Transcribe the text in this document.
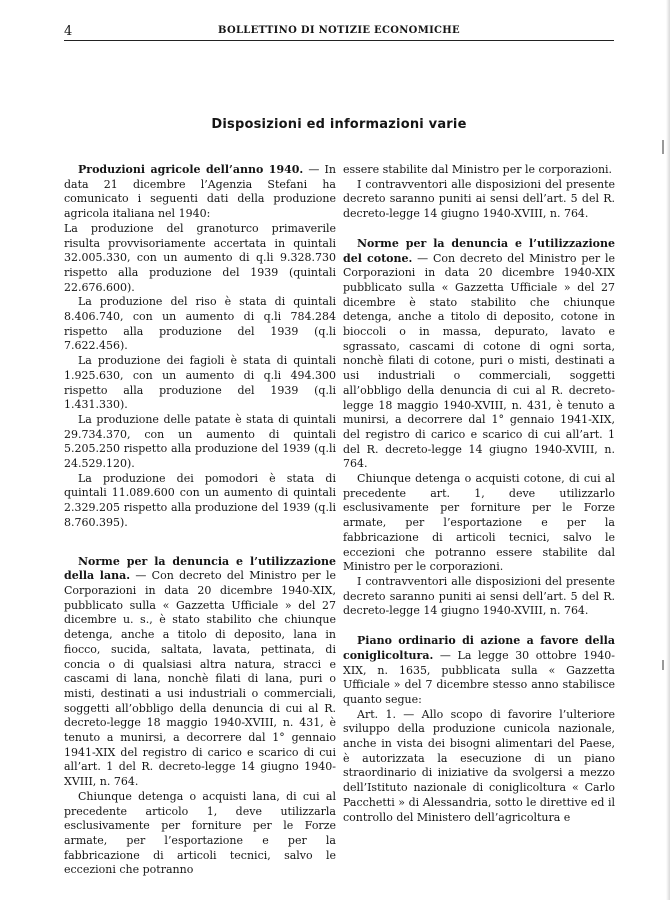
4	BOLLETTINO DI NOTIZIE ECONOMICHE
Disposizioni ed informazioni varie

Produzioni agricole dell’anno 1940. — In data 21 dicembre l’Agenzia Stefani ha comunicato i seguenti dati della produzione agricola italiana nel 1940:

La produzione del granoturco primaverile risulta provvisoriamente accertata in quintali 32.005.330, con un aumento di q.li 9.328.730 rispetto alla produzione del 1939 (quintali 22.676.600).

La produzione del riso è stata di quintali 8.406.740, con un aumento di q.li 784.284 rispetto alla produzione del 1939 (q.li 7.622.456).

La produzione dei fagioli è stata di quintali 1.925.630, con un aumento di q.li 494.300 rispetto alla produzione del 1939 (q.li 1.431.330).

La produzione delle patate è stata di quintali 29.734.370, con un aumento di quintali 5.205.250 rispetto alla produzione del 1939 (q.li 24.529.120).

La produzione dei pomodori è stata di quintali 11.089.600 con un aumento di quintali 2.329.205 rispetto alla produzione del 1939 (q.li 8.760.395).

Norme per la denuncia e l’utilizzazione della lana. — Con decreto del Ministro per le Corporazioni in data 20 dicembre 1940-XIX, pubblicato sulla « Gazzetta Ufficiale » del 27 dicembre u. s., è stato stabilito che chiunque detenga, anche a titolo di deposito, lana in fiocco, sucida, saltata, lavata, pettinata, di concia o di qualsiasi altra natura, stracci e cascami di lana, nonchè filati di lana, puri o misti, destinati a usi industriali o commerciali, soggetti all’obbligo della denuncia di cui al R. decreto-legge 18 maggio 1940-XVIII, n. 431, è tenuto a munirsi, a decorrere dal 1° gennaio 1941-XIX del registro di carico e scarico di cui all’art. 1 del R. decreto-legge 14 giugno 1940-XVIII, n. 764.

Chiunque detenga o acquisti lana, di cui al precedente articolo 1, deve utilizzarla esclusivamente per forniture per le Forze armate, per l’esportazione e per la fabbricazione di articoli tecnici, salvo le eccezioni che potranno

essere stabilite dal Ministro per le corporazioni.

I contravventori alle disposizioni del presente decreto saranno puniti ai sensi dell’art. 5 del R. decreto-legge 14 giugno 1940-XVIII, n. 764.

Norme per la denuncia e l’utilizzazione del cotone. — Con decreto del Ministro per le Corporazioni in data 20 dicembre 1940-XIX pubblicato sulla « Gazzetta Ufficiale » del 27 dicembre è stato stabilito che chiunque detenga, anche a titolo di deposito, cotone in bioccoli o in massa, depurato, lavato e sgrassato, cascami di cotone di ogni sorta, nonchè filati di cotone, puri o misti, destinati a usi industriali o commerciali, soggetti all’obbligo della denuncia di cui al R. decreto-legge 18 maggio 1940-XVIII, n. 431, è tenuto a munirsi, a decorrere dal 1° gennaio 1941-XIX, del registro di carico e scarico di cui all’art. 1 del R. decreto-legge 14 giugno 1940-XVIII, n. 764.

Chiunque detenga o acquisti cotone, di cui al precedente art. 1, deve utilizzarlo esclusivamente per forniture per le Forze armate, per l’esportazione e per la fabbricazione di articoli tecnici, salvo le eccezioni che potranno essere stabilite dal Ministro per le corporazioni.

I contravventori alle disposizioni del presente decreto saranno puniti ai sensi dell’art. 5 del R. decreto-legge 14 giugno 1940-XVIII, n. 764.

Piano ordinario di azione a favore della coniglicoltura. — La legge 30 ottobre 1940-XIX, n. 1635, pubblicata sulla « Gazzetta Ufficiale » del 7 dicembre stesso anno stabilisce quanto segue:

Art. 1. — Allo scopo di favorire l’ulteriore sviluppo della produzione cunicola nazionale, anche in vista dei bisogni alimentari del Paese, è autorizzata la esecuzione di un piano straordinario di iniziative da svolgersi a mezzo dell’Istituto nazionale di coniglicoltura « Carlo Pacchetti » di Alessandria, sotto le direttive ed il controllo del Ministero dell’agricoltura e
